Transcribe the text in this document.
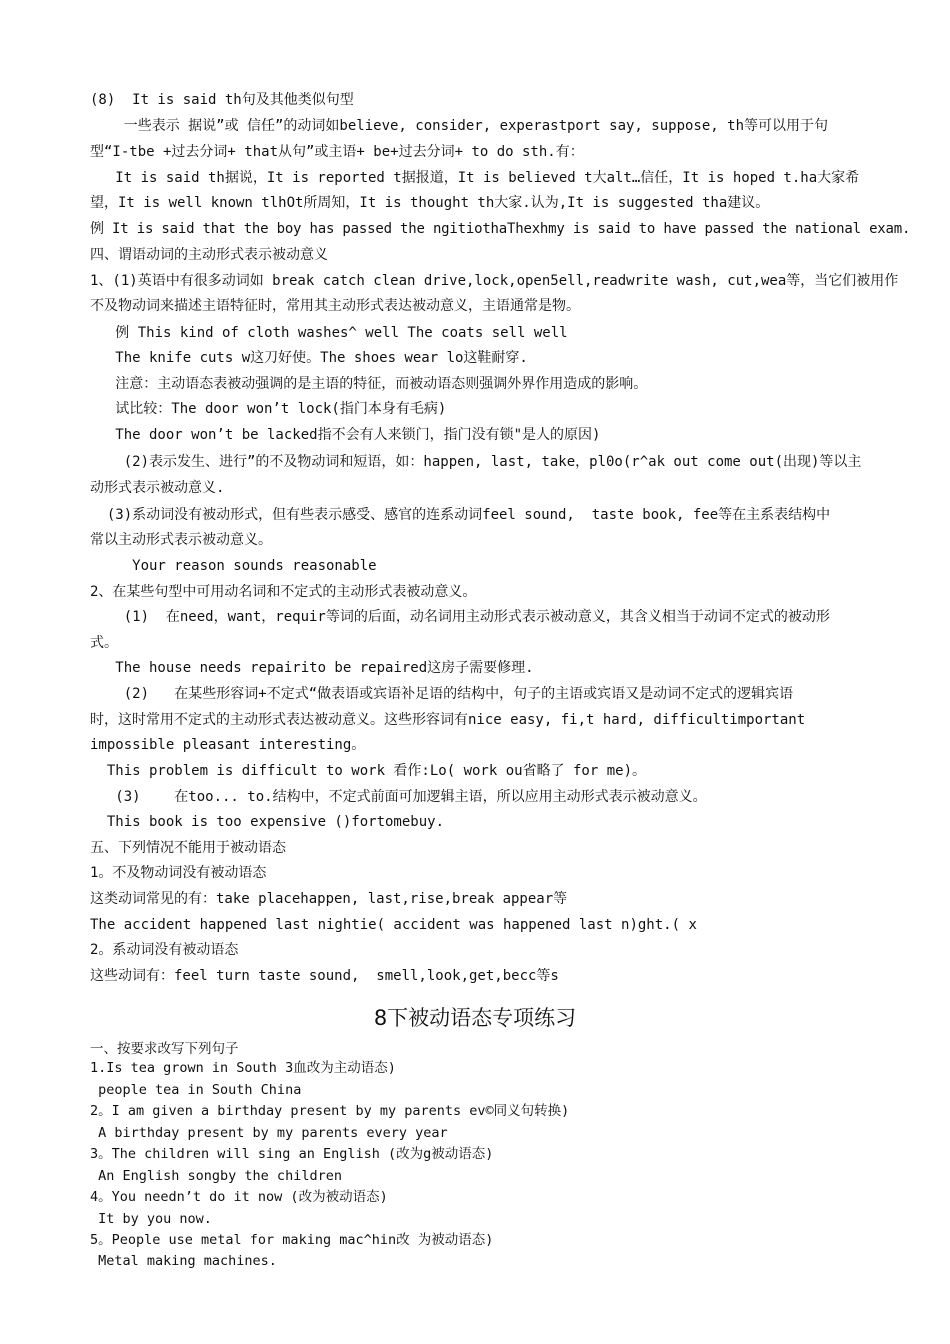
(8)  It is said th句及其他类似句型
一些表示 据说”或 信任”的动词如believe, consider, experastport say, suppose, th等可以用于句
型“I-tbe +过去分词+ that从句”或主语+ be+过去分词+ to do sth.有：
It is said th据说，It is reported t据报道，It is believed t大alt…信任，It is hoped t.ha大家希
望，It is well known tlhOt所周知，It is thought th大家.认为,It is suggested tha建议。
例 It is said that the boy has passed the ngitiothaThexhmy is said to have passed the national exam.
四、谓语动词的主动形式表示被动意义
1、(1)英语中有很多动词如 break catch clean drive,lock,open5ell,readwrite wash, cut,wea等，当它们被用作
不及物动词来描述主语特征时，常用其主动形式表达被动意义，主语通常是物。
例 This kind of cloth washes^ well The coats sell well
The knife cuts w这刀好使。The shoes wear lo这鞋耐穿.
注意：主动语态表被动强调的是主语的特征，而被动语态则强调外界作用造成的影响。
试比较：The door won’t lock(指门本身有毛病)
The door won’t be lacked指不会有人来锁门，指门没有锁"是人的原因)
(2)表示发生、进行”的不及物动词和短语，如：happen, last, take，pl0o(r^ak out come out(出现)等以主
动形式表示被动意义.
(3)系动词没有被动形式，但有些表示感受、感官的连系动词feel sound,  taste book, fee等在主系表结构中
常以主动形式表示被动意义。
Your reason sounds reasonable
2、在某些句型中可用动名词和不定式的主动形式表被动意义。
(1)  在need，want，requir等词的后面，动名词用主动形式表示被动意义，其含义相当于动词不定式的被动形
式。
The house needs repairito be repaired这房子需要修理.
(2)   在某些形容词+不定式“做表语或宾语补足语的结构中，句子的主语或宾语又是动词不定式的逻辑宾语
时，这时常用不定式的主动形式表达被动意义。这些形容词有nice easy, fi,t hard, difficultimportant
impossible pleasant interesting。
This problem is difficult to work 看作:Lo( work ou省略了 for me)。
(3)    在too... to.结构中，不定式前面可加逻辑主语，所以应用主动形式表示被动意义。
This book is too expensive ()fortomebuy.
五、下列情况不能用于被动语态
1。不及物动词没有被动语态
这类动词常见的有：take placehappen, last,rise,break appear等
The accident happened last nightie( accident was happened last n)ght.( x
2。系动词没有被动语态
这些动词有：feel turn taste sound,  smell,look,get,becc等s
8下被动语态专项练习
一、按要求改写下列句子
1.Is tea grown in South 3血改为主动语态)
people tea in South China
2。I am given a birthday present by my parents ev©同义句转换)
A birthday present by my parents every year
3。The children will sing an English (改为g被动语态)
An English songby the children
4。You needn’t do it now (改为被动语态)
It by you now.
5。People use metal for making mac^hin改 为被动语态)
Metal making machines.
